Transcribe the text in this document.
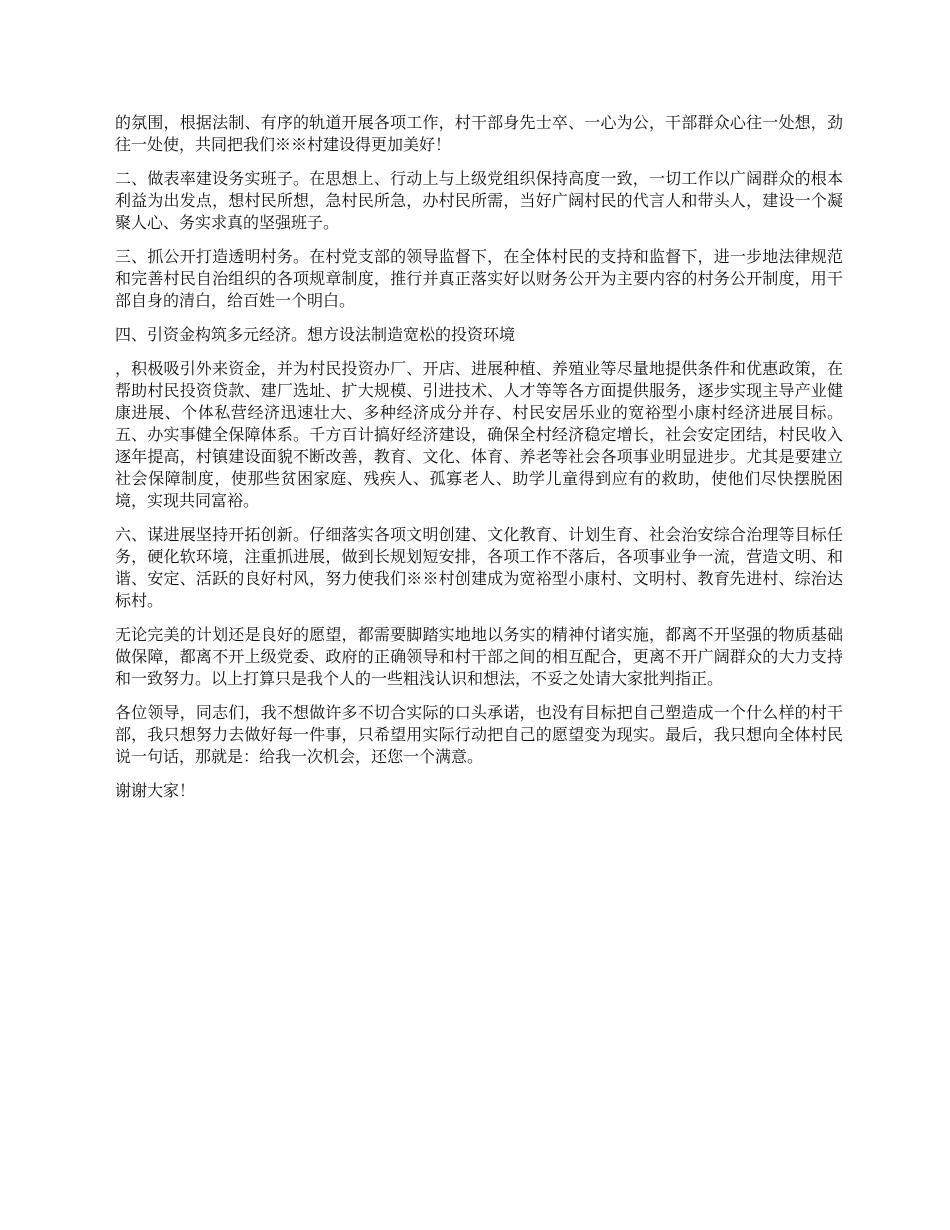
的氛围，根据法制、有序的轨道开展各项工作，村干部身先士卒、一心为公，干部群众心往一处想，劲往一处使，共同把我们※※村建设得更加美好！

二、做表率建设务实班子。在思想上、行动上与上级党组织保持高度一致，一切工作以广阔群众的根本利益为出发点，想村民所想，急村民所急，办村民所需，当好广阔村民的代言人和带头人，建设一个凝聚人心、务实求真的坚强班子。

三、抓公开打造透明村务。在村党支部的领导监督下，在全体村民的支持和监督下，进一步地法律规范和完善村民自治组织的各项规章制度，推行并真正落实好以财务公开为主要内容的村务公开制度，用干部自身的清白，给百姓一个明白。

四、引资金构筑多元经济。想方设法制造宽松的投资环境

，积极吸引外来资金，并为村民投资办厂、开店、进展种植、养殖业等尽量地提供条件和优惠政策，在帮助村民投资贷款、建厂选址、扩大规模、引进技术、人才等等各方面提供服务，逐步实现主导产业健康进展、个体私营经济迅速壮大、多种经济成分并存、村民安居乐业的宽裕型小康村经济进展目标。五、办实事健全保障体系。千方百计搞好经济建设，确保全村经济稳定增长，社会安定团结，村民收入逐年提高，村镇建设面貌不断改善，教育、文化、体育、养老等社会各项事业明显进步。尤其是要建立社会保障制度，使那些贫困家庭、残疾人、孤寡老人、助学儿童得到应有的救助，使他们尽快摆脱困境，实现共同富裕。

六、谋进展坚持开拓创新。仔细落实各项文明创建、文化教育、计划生育、社会治安综合治理等目标任务，硬化软环境，注重抓进展，做到长规划短安排，各项工作不落后，各项事业争一流，营造文明、和谐、安定、活跃的良好村风，努力使我们※※村创建成为宽裕型小康村、文明村、教育先进村、综治达标村。

无论完美的计划还是良好的愿望，都需要脚踏实地地以务实的精神付诸实施，都离不开坚强的物质基础做保障，都离不开上级党委、政府的正确领导和村干部之间的相互配合，更离不开广阔群众的大力支持和一致努力。以上打算只是我个人的一些粗浅认识和想法，不妥之处请大家批判指正。

各位领导，同志们，我不想做许多不切合实际的口头承诺，也没有目标把自己塑造成一个什么样的村干部，我只想努力去做好每一件事，只希望用实际行动把自己的愿望变为现实。最后，我只想向全体村民说一句话，那就是：给我一次机会，还您一个满意。

谢谢大家！
